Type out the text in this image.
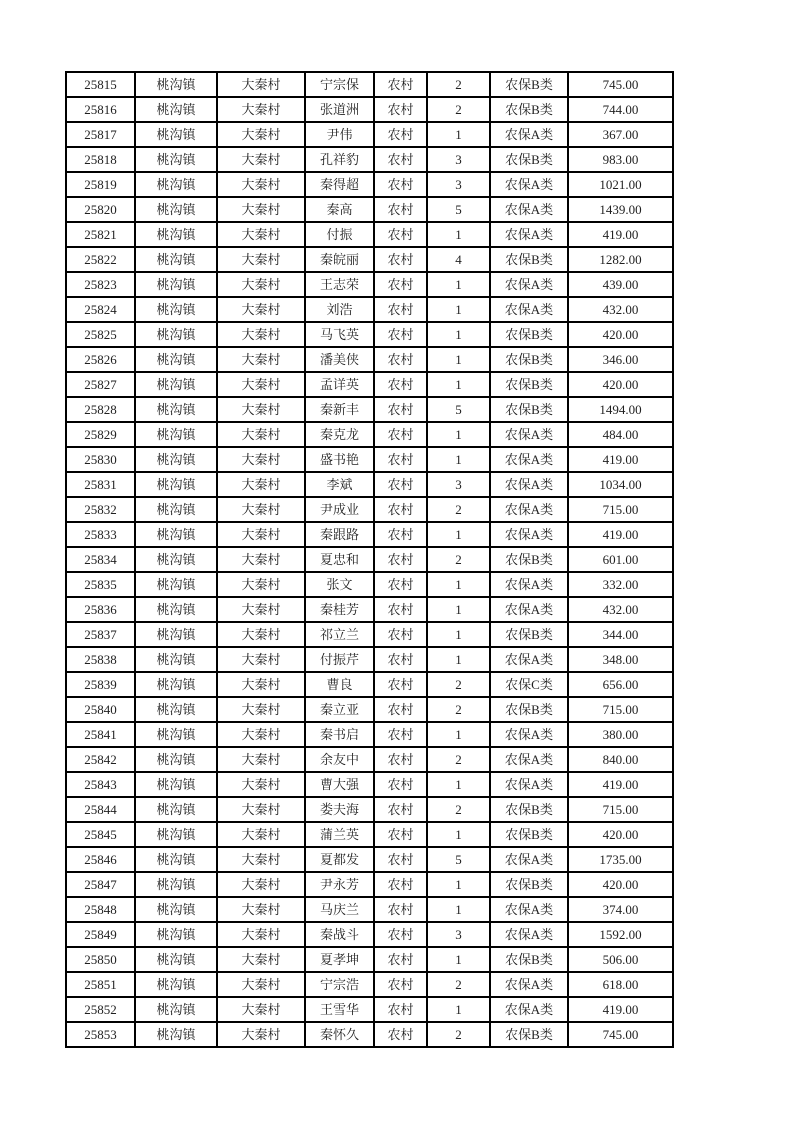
25815	桃沟镇	大秦村	宁宗保	农村	2	农保B类	745.00
25816	桃沟镇	大秦村	张道洲	农村	2	农保B类	744.00
25817	桃沟镇	大秦村	尹伟	农村	1	农保A类	367.00
25818	桃沟镇	大秦村	孔祥豹	农村	3	农保B类	983.00
25819	桃沟镇	大秦村	秦得超	农村	3	农保A类	1021.00
25820	桃沟镇	大秦村	秦高	农村	5	农保A类	1439.00
25821	桃沟镇	大秦村	付振	农村	1	农保A类	419.00
25822	桃沟镇	大秦村	秦皖丽	农村	4	农保B类	1282.00
25823	桃沟镇	大秦村	王志荣	农村	1	农保A类	439.00
25824	桃沟镇	大秦村	刘浩	农村	1	农保A类	432.00
25825	桃沟镇	大秦村	马飞英	农村	1	农保B类	420.00
25826	桃沟镇	大秦村	潘美侠	农村	1	农保B类	346.00
25827	桃沟镇	大秦村	孟详英	农村	1	农保B类	420.00
25828	桃沟镇	大秦村	秦新丰	农村	5	农保B类	1494.00
25829	桃沟镇	大秦村	秦克龙	农村	1	农保A类	484.00
25830	桃沟镇	大秦村	盛书艳	农村	1	农保A类	419.00
25831	桃沟镇	大秦村	李斌	农村	3	农保A类	1034.00
25832	桃沟镇	大秦村	尹成业	农村	2	农保A类	715.00
25833	桃沟镇	大秦村	秦跟路	农村	1	农保A类	419.00
25834	桃沟镇	大秦村	夏忠和	农村	2	农保B类	601.00
25835	桃沟镇	大秦村	张文	农村	1	农保A类	332.00
25836	桃沟镇	大秦村	秦桂芳	农村	1	农保A类	432.00
25837	桃沟镇	大秦村	祁立兰	农村	1	农保B类	344.00
25838	桃沟镇	大秦村	付振芹	农村	1	农保A类	348.00
25839	桃沟镇	大秦村	曹良	农村	2	农保C类	656.00
25840	桃沟镇	大秦村	秦立亚	农村	2	农保B类	715.00
25841	桃沟镇	大秦村	秦书启	农村	1	农保A类	380.00
25842	桃沟镇	大秦村	余友中	农村	2	农保A类	840.00
25843	桃沟镇	大秦村	曹大强	农村	1	农保A类	419.00
25844	桃沟镇	大秦村	娄夫海	农村	2	农保B类	715.00
25845	桃沟镇	大秦村	蒲兰英	农村	1	农保B类	420.00
25846	桃沟镇	大秦村	夏都发	农村	5	农保A类	1735.00
25847	桃沟镇	大秦村	尹永芳	农村	1	农保B类	420.00
25848	桃沟镇	大秦村	马庆兰	农村	1	农保A类	374.00
25849	桃沟镇	大秦村	秦战斗	农村	3	农保A类	1592.00
25850	桃沟镇	大秦村	夏孝坤	农村	1	农保B类	506.00
25851	桃沟镇	大秦村	宁宗浩	农村	2	农保A类	618.00
25852	桃沟镇	大秦村	王雪华	农村	1	农保A类	419.00
25853	桃沟镇	大秦村	秦怀久	农村	2	农保B类	745.00
